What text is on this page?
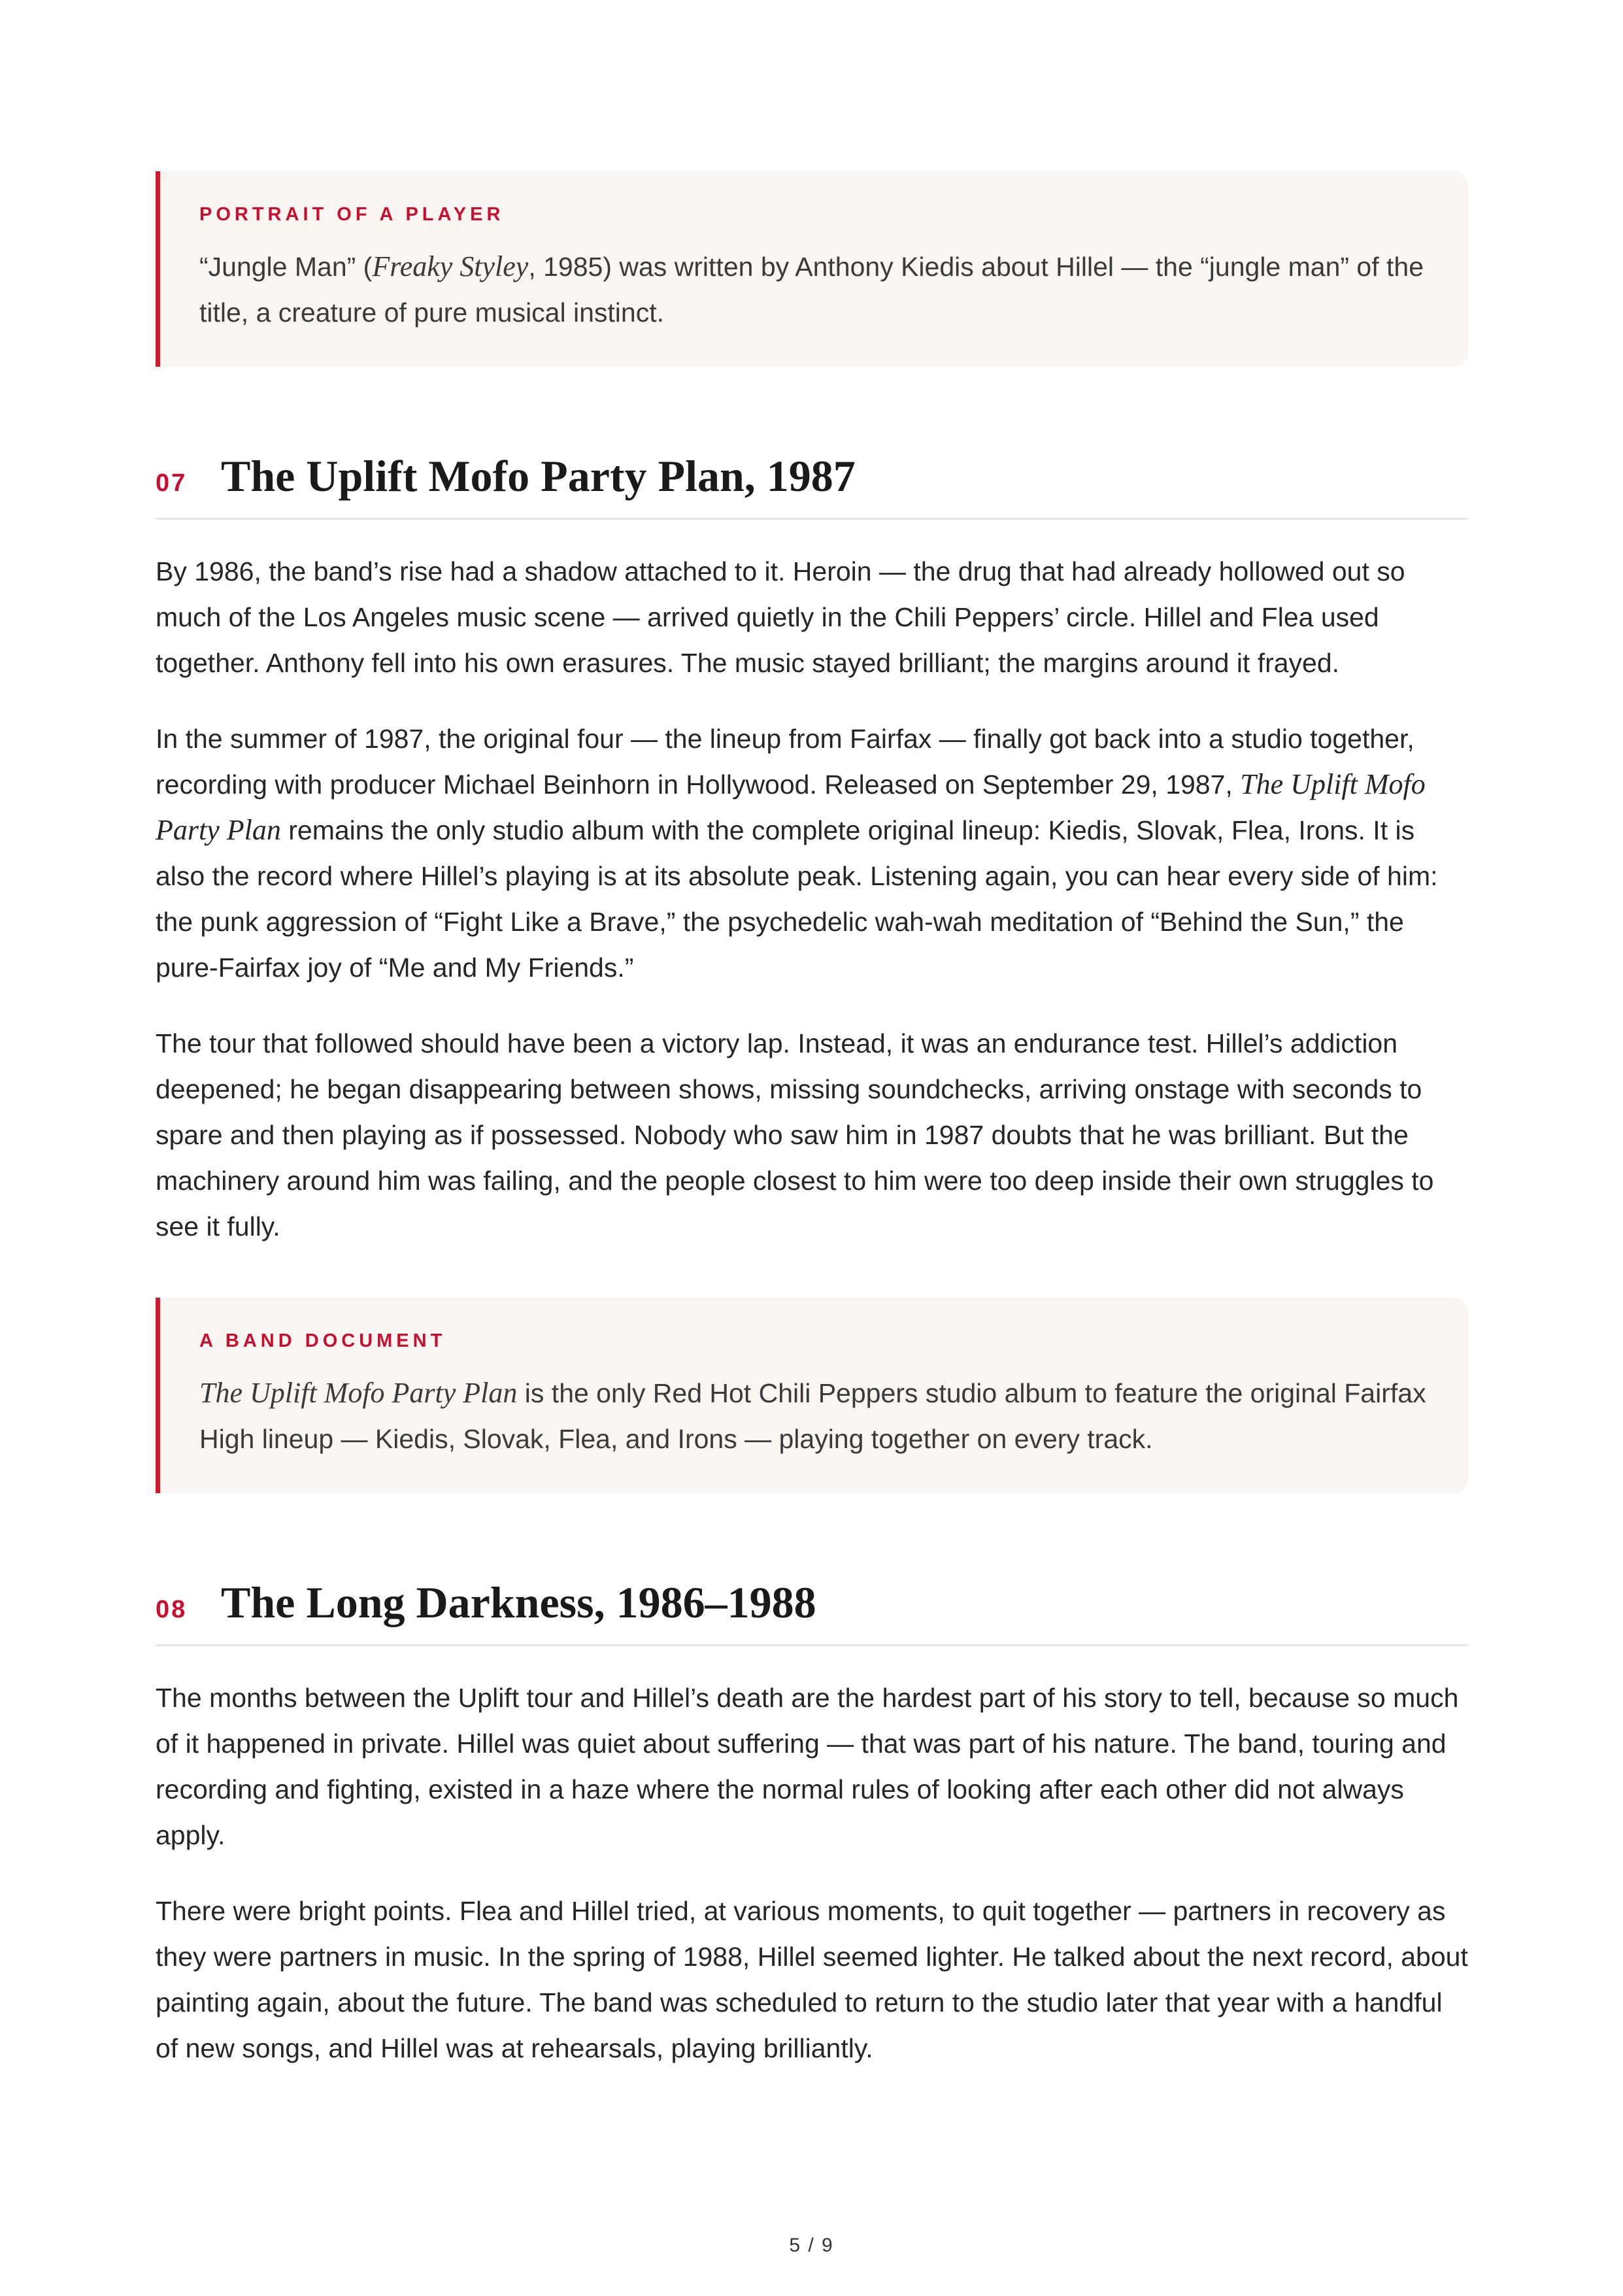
PORTRAIT OF A PLAYER

“Jungle Man” (Freaky Styley, 1985) was written by Anthony Kiedis about Hillel — the “jungle man” of the title, a creature of pure musical instinct.

07 The Uplift Mofo Party Plan, 1987

By 1986, the band’s rise had a shadow attached to it. Heroin — the drug that had already hollowed out so much of the Los Angeles music scene — arrived quietly in the Chili Peppers’ circle. Hillel and Flea used together. Anthony fell into his own erasures. The music stayed brilliant; the margins around it frayed.

In the summer of 1987, the original four — the lineup from Fairfax — finally got back into a studio together, recording with producer Michael Beinhorn in Hollywood. Released on September 29, 1987, The Uplift Mofo Party Plan remains the only studio album with the complete original lineup: Kiedis, Slovak, Flea, Irons. It is also the record where Hillel’s playing is at its absolute peak. Listening again, you can hear every side of him: the punk aggression of “Fight Like a Brave,” the psychedelic wah-wah meditation of “Behind the Sun,” the pure-Fairfax joy of “Me and My Friends.”

The tour that followed should have been a victory lap. Instead, it was an endurance test. Hillel’s addiction deepened; he began disappearing between shows, missing soundchecks, arriving onstage with seconds to spare and then playing as if possessed. Nobody who saw him in 1987 doubts that he was brilliant. But the machinery around him was failing, and the people closest to him were too deep inside their own struggles to see it fully.

A BAND DOCUMENT

The Uplift Mofo Party Plan is the only Red Hot Chili Peppers studio album to feature the original Fairfax High lineup — Kiedis, Slovak, Flea, and Irons — playing together on every track.

08 The Long Darkness, 1986–1988

The months between the Uplift tour and Hillel’s death are the hardest part of his story to tell, because so much of it happened in private. Hillel was quiet about suffering — that was part of his nature. The band, touring and recording and fighting, existed in a haze where the normal rules of looking after each other did not always apply.

There were bright points. Flea and Hillel tried, at various moments, to quit together — partners in recovery as they were partners in music. In the spring of 1988, Hillel seemed lighter. He talked about the next record, about painting again, about the future. The band was scheduled to return to the studio later that year with a handful of new songs, and Hillel was at rehearsals, playing brilliantly.

5 / 9
